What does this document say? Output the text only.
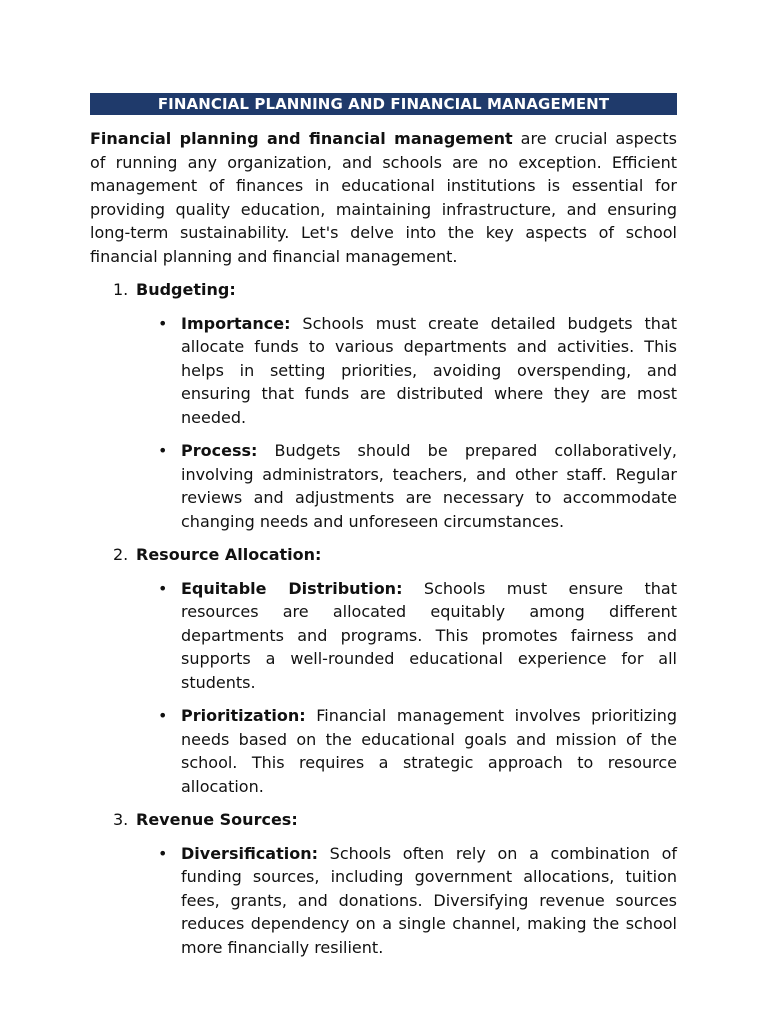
FINANCIAL PLANNING AND FINANCIAL MANAGEMENT

Financial planning and financial management are crucial aspects of running any organization, and schools are no exception. Efficient management of finances in educational institutions is essential for providing quality education, maintaining infrastructure, and ensuring long-term sustainability. Let's delve into the key aspects of school financial planning and financial management.

1. Budgeting:
• Importance: Schools must create detailed budgets that allocate funds to various departments and activities. This helps in setting priorities, avoiding overspending, and ensuring that funds are distributed where they are most needed.
• Process: Budgets should be prepared collaboratively, involving administrators, teachers, and other staff. Regular reviews and adjustments are necessary to accommodate changing needs and unforeseen circumstances.
2. Resource Allocation:
• Equitable Distribution: Schools must ensure that resources are allocated equitably among different departments and programs. This promotes fairness and supports a well-rounded educational experience for all students.
• Prioritization: Financial management involves prioritizing needs based on the educational goals and mission of the school. This requires a strategic approach to resource allocation.
3. Revenue Sources:
• Diversification: Schools often rely on a combination of funding sources, including government allocations, tuition fees, grants, and donations. Diversifying revenue sources reduces dependency on a single channel, making the school more financially resilient.
